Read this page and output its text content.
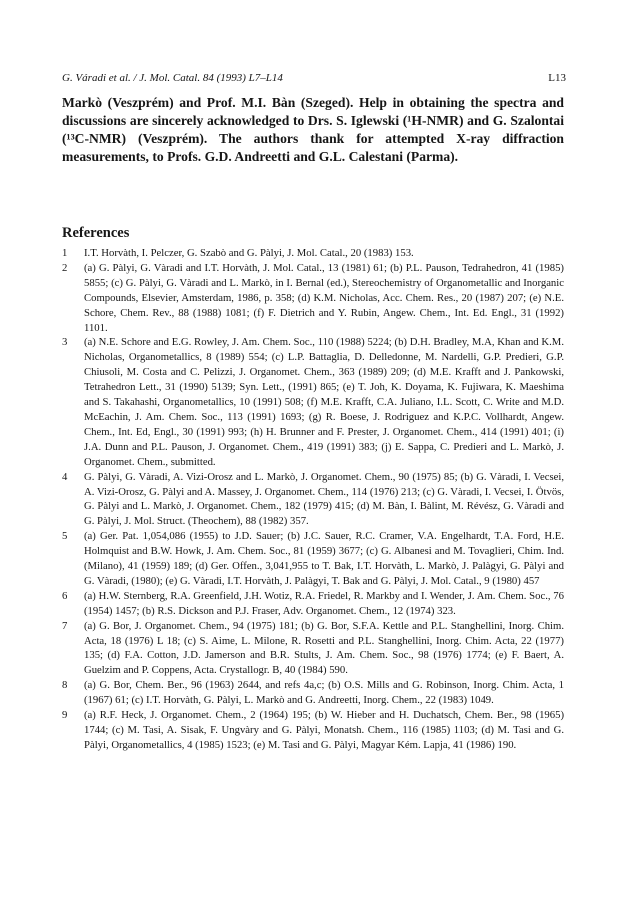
G. Váradi et al. / J. Mol. Catal. 84 (1993) L7–L14	L13

Markò (Veszprém) and Prof. M.I. Bàn (Szeged). Help in obtaining the spectra and discussions are sincerely acknowledged to Drs. S. Iglewski (¹H-NMR) and G. Szalontai (¹³C-NMR) (Veszprém). The authors thank for attempted X-ray diffraction measurements, to Profs. G.D. Andreetti and G.L. Calestani (Parma).

References
1	I.T. Horvàth, I. Pelczer, G. Szabò and G. Pàlyi, J. Mol. Catal., 20 (1983) 153.
2	(a) G. Pàlyi, G. Vàradi and I.T. Horvàth, J. Mol. Catal., 13 (1981) 61; (b) P.L. Pauson, Tedrahedron, 41 (1985) 5855; (c) G. Pàlyi, G. Vàradi and L. Markò, in I. Bernal (ed.), Stereochemistry of Organometallic and Inorganic Compounds, Elsevier, Amsterdam, 1986, p. 358; (d) K.M. Nicholas, Acc. Chem. Res., 20 (1987) 207; (e) N.E. Schore, Chem. Rev., 88 (1988) 1081; (f) F. Dietrich and Y. Rubin, Angew. Chem., Int. Ed. Engl., 31 (1992) 1101.
3	(a) N.E. Schore and E.G. Rowley, J. Am. Chem. Soc., 110 (1988) 5224; (b) D.H. Bradley, M.A, Khan and K.M. Nicholas, Organometallics, 8 (1989) 554; (c) L.P. Battaglia, D. Delledonne, M. Nardelli, G.P. Predieri, G.P. Chiusoli, M. Costa and C. Pelizzi, J. Organomet. Chem., 363 (1989) 209; (d) M.E. Krafft and J. Pankowski, Tetrahedron Lett., 31 (1990) 5139; Syn. Lett., (1991) 865; (e) T. Joh, K. Doyama, K. Fujiwara, K. Maeshima and S. Takahashi, Organometallics, 10 (1991) 508; (f) M.E. Krafft, C.A. Juliano, I.L. Scott, C. Write and M.D. McEachin, J. Am. Chem. Soc., 113 (1991) 1693; (g) R. Boese, J. Rodriguez and K.P.C. Vollhardt, Angew. Chem., Int. Ed, Engl., 30 (1991) 993; (h) H. Brunner and F. Prester, J. Organomet. Chem., 414 (1991) 401; (i) J.A. Dunn and P.L. Pauson, J. Organomet. Chem., 419 (1991) 383; (j) E. Sappa, C. Predieri and L. Markò, J. Organomet. Chem., submitted.
4	G. Pàlyi, G. Vàradi, A. Vizi-Orosz and L. Markò, J. Organomet. Chem., 90 (1975) 85; (b) G. Vàradi, I. Vecsei, A. Vizi-Orosz, G. Pàlyi and A. Massey, J. Organomet. Chem., 114 (1976) 213; (c) G. Vàradi, I. Vecsei, I. Ötvös, G. Pàlyi and L. Markò, J. Organomet. Chem., 182 (1979) 415; (d) M. Bàn, I. Bàlint, M. Révész, G. Vàradi and G. Pàlyi, J. Mol. Struct. (Theochem), 88 (1982) 357.
5	(a) Ger. Pat. 1,054,086 (1955) to J.D. Sauer; (b) J.C. Sauer, R.C. Cramer, V.A. Engelhardt, T.A. Ford, H.E. Holmquist and B.W. Howk, J. Am. Chem. Soc., 81 (1959) 3677; (c) G. Albanesi and M. Tovaglieri, Chim. Ind. (Milano), 41 (1959) 189; (d) Ger. Offen., 3,041,955 to T. Bak, I.T. Horvàth, L. Markò, J. Palàgyi, G. Pàlyi and G. Vàradi, (1980); (e) G. Vàradi, I.T. Horvàth, J. Palàgyi, T. Bak and G. Pàlyi, J. Mol. Catal., 9 (1980) 457
6	(a) H.W. Sternberg, R.A. Greenfield, J.H. Wotiz, R.A. Friedel, R. Markby and I. Wender, J. Am. Chem. Soc., 76 (1954) 1457; (b) R.S. Dickson and P.J. Fraser, Adv. Organomet. Chem., 12 (1974) 323.
7	(a) G. Bor, J. Organomet. Chem., 94 (1975) 181; (b) G. Bor, S.F.A. Kettle and P.L. Stanghellini, Inorg. Chim. Acta, 18 (1976) L 18; (c) S. Aime, L. Milone, R. Rosetti and P.L. Stanghellini, Inorg. Chim. Acta, 22 (1977) 135; (d) F.A. Cotton, J.D. Jamerson and B.R. Stults, J. Am. Chem. Soc., 98 (1976) 1774; (e) F. Baert, A. Guelzim and P. Coppens, Acta. Crystallogr. B, 40 (1984) 590.
8	(a) G. Bor, Chem. Ber., 96 (1963) 2644, and refs 4a,c; (b) O.S. Mills and G. Robinson, Inorg. Chim. Acta, 1 (1967) 61; (c) I.T. Horvàth, G. Pàlyi, L. Markò and G. Andreetti, Inorg. Chem., 22 (1983) 1049.
9	(a) R.F. Heck, J. Organomet. Chem., 2 (1964) 195; (b) W. Hieber and H. Duchatsch, Chem. Ber., 98 (1965) 1744; (c) M. Tasi, A. Sisak, F. Ungvàry and G. Pàlyi, Monatsh. Chem., 116 (1985) 1103; (d) M. Tasi and G. Pàlyi, Organometallics, 4 (1985) 1523; (e) M. Tasi and G. Pàlyi, Magyar Kém. Lapja, 41 (1986) 190.
